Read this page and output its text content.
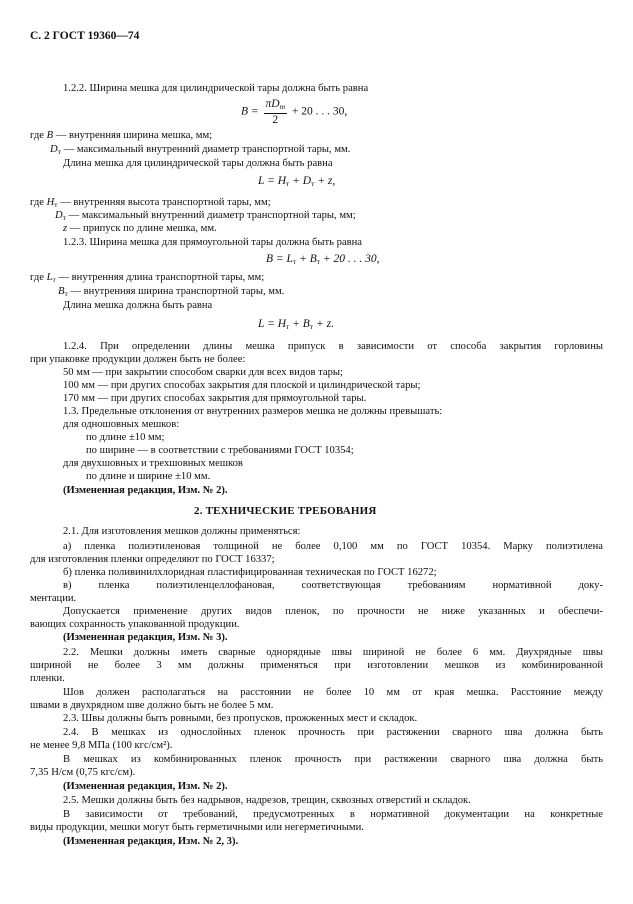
С. 2 ГОСТ 19360—74
1.2.2. Ширина мешка для цилиндрической тары должна быть равна
$B = \frac{\pi D_т}{2} + 20$ . . . 30,
где B — внутренняя ширина мешка, мм;
$D_т$ — максимальный внутренний диаметр транспортной тары, мм.
Длина мешка для цилиндрической тары должна быть равна
$L = H_т + D_т + z$,
где $H_т$ — внутренняя высота транспортной тары, мм;
$D_т$ — максимальный внутренний диаметр транспортной тары, мм;
z — припуск по длине мешка, мм.
1.2.3. Ширина мешка для прямоугольной тары должна быть равна
$B = L_т + B_т + 20$ . . . 30,
где $L_т$ — внутренняя длина транспортной тары, мм;
$B_т$ — внутренняя ширина транспортной тары, мм.
Длина мешка должна быть равна
$L = H_т + B_т + z$.
1.2.4. При определении длины мешка припуск в зависимости от способа закрытия горловины
при упаковке продукции должен быть не более:
50 мм — при закрытии способом сварки для всех видов тары;
100 мм — при других способах закрытия для плоской и цилиндрической тары;
170 мм — при других способах закрытия для прямоугольной тары.
1.3. Предельные отклонения от внутренних размеров мешка не должны превышать:
для одношовных мешков:
по длине ±10 мм;
по ширине — в соответствии с требованиями ГОСТ 10354;
для двухшовных и трехшовных мешков
по длине и ширине ±10 мм.
(Измененная редакция, Изм. № 2).
2. ТЕХНИЧЕСКИЕ ТРЕБОВАНИЯ
2.1. Для изготовления мешков должны применяться:
а) пленка полиэтиленовая толщиной не более 0,100 мм по ГОСТ 10354. Марку полиэтилена
для изготовления пленки определяют по ГОСТ 16337;
б) пленка поливинилхлоридная пластифицированная техническая по ГОСТ 16272;
в) пленка полиэтиленцеллофановая, соответствующая требованиям нормативной доку-
ментации.
Допускается применение других видов пленок, по прочности не ниже указанных и обеспечи-
вающих сохранность упакованной продукции.
(Измененная редакция, Изм. № 3).
2.2. Мешки должны иметь сварные однорядные швы шириной не более 6 мм. Двухрядные швы
шириной не более 3 мм должны применяться при изготовлении мешков из комбинированной
пленки.
Шов должен располагаться на расстоянии не более 10 мм от края мешка. Расстояние между
швами в двухрядном шве должно быть не более 5 мм.
2.3. Швы должны быть ровными, без пропусков, прожженных мест и складок.
2.4. В мешках из однослойных пленок прочность при растяжении сварного шва должна быть
не менее 9,8 МПа (100 кгс/см²).
В мешках из комбинированных пленок прочность при растяжении сварного шва должна быть
7,35 Н/см (0,75 кгс/см).
(Измененная редакция, Изм. № 2).
2.5. Мешки должны быть без надрывов, надрезов, трещин, сквозных отверстий и складок.
В зависимости от требований, предусмотренных в нормативной документации на конкретные
виды продукции, мешки могут быть герметичными или негерметичными.
(Измененная редакция, Изм. № 2, 3).
